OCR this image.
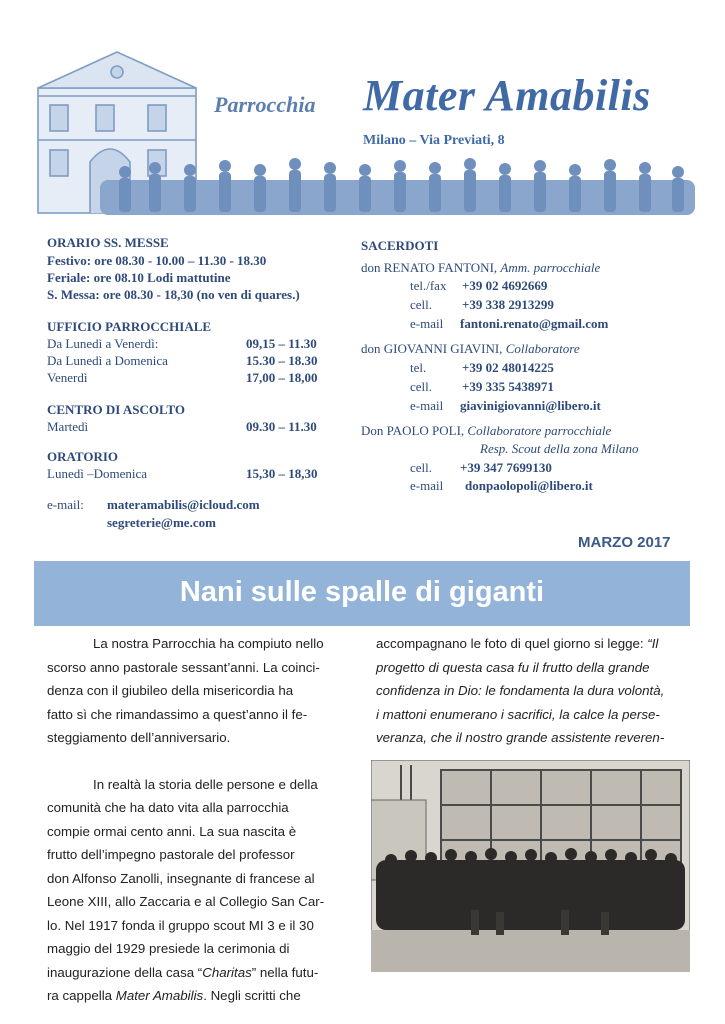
Parrocchia Mater Amabilis
Milano – Via Previati, 8
ORARIO SS. MESSE
Festivo: ore 08.30 - 10.00 – 11.30 - 18.30
Feriale: ore 08.10 Lodi mattutine
S. Messa: ore 08.30 - 18,30 (no ven di quares.)
UFFICIO PARROCCHIALE
Da Lunedì a Venerdì:	09,15 – 11.30
Da Lunedì a Domenica	15.30 – 18.30
Venerdì	17,00 – 18,00
CENTRO DI ASCOLTO
Martedì	09.30 – 11.30
ORATORIO
Lunedì –Domenica	15,30 – 18,30
e-mail: materamabilis@icloud.com
segreterie@me.com
SACERDOTI
don RENATO FANTONI, Amm. parrocchiale
tel./fax +39 02 4692669
cell. +39 338 2913299
e-mail fantoni.renato@gmail.com
don GIOVANNI GIAVINI, Collaboratore
tel.	+39 02 48014225
cell. +39 335 5438971
e-mail giavinigiovanni@libero.it
Don PAOLO POLI, Collaboratore parrocchiale
Resp. Scout della zona Milano
cell. +39 347 7699130
e-mail donpaolopoli@libero.it
MARZO 2017
Nani sulle spalle di giganti

La nostra Parrocchia ha compiuto nello

scorso anno pastorale sessant’anni. La coinci-

denza con il giubileo della misericordia ha

fatto sì che rimandassimo a quest’anno il fe-

steggiamento dell’anniversario.

In realtà la storia delle persone e della

comunità che ha dato vita alla parrocchia

compie ormai cento anni. La sua nascita è

frutto dell’impegno pastorale del professor

don Alfonso Zanolli, insegnante di francese al

Leone XIII, allo Zaccaria e al Collegio San Car-

lo. Nel 1917 fonda il gruppo scout MI 3 e il 30

maggio del 1929 presiede la cerimonia di

inaugurazione della casa “Charitas” nella futu-

ra cappella Mater Amabilis. Negli scritti che

accompagnano le foto di quel giorno si legge: “Il

progetto di questa casa fu il frutto della grande

confidenza in Dio: le fondamenta la dura volontà,

i mattoni enumerano i sacrifici, la calce la perse-

veranza, che il nostro grande assistente reveren-
